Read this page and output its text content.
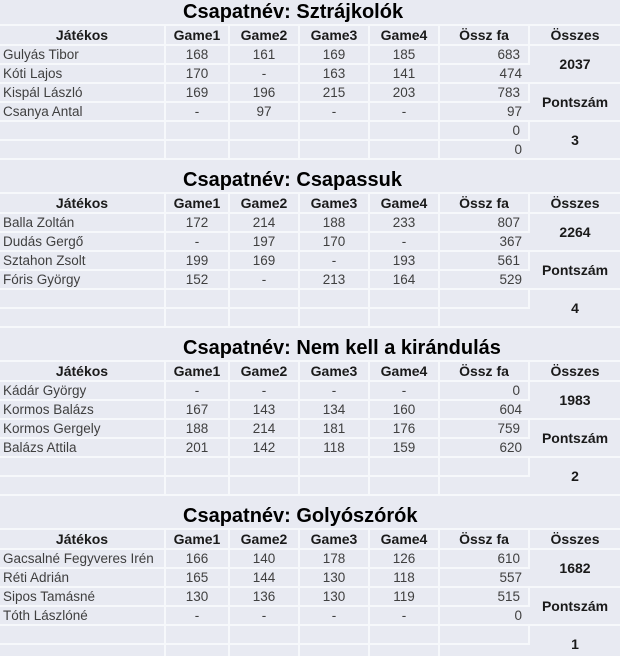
Csapatnév: Sztrájkolók
Játékos	Game1	Game2	Game3	Game4	Össz fa	Összes
Gulyás Tibor	168	161	169	185	683	2037
Kóti Lajos	170	-	163	141	474	
Kispál László	169	196	215	203	783	Pontszám
Csanya Antal	-	97	-	-	97	
					0	3
					0	
Csapatnév: Csapassuk
Játékos	Game1	Game2	Game3	Game4	Össz fa	Összes
Balla Zoltán	172	214	188	233	807	2264
Dudás Gergő	-	197	170	-	367	
Sztahon Zsolt	199	169	-	193	561	Pontszám
Fóris György	152	-	213	164	529	
						4

Csapatnév: Nem kell a kirándulás
Játékos	Game1	Game2	Game3	Game4	Össz fa	Összes
Kádár György	-	-	-	-	0	1983
Kormos Balázs	167	143	134	160	604	
Kormos Gergely	188	214	181	176	759	Pontszám
Balázs Attila	201	142	118	159	620	
						2

Csapatnév: Golyószórók
Játékos	Game1	Game2	Game3	Game4	Össz fa	Összes
Gacsalné Fegyveres Irén	166	140	178	126	610	1682
Réti Adrián	165	144	130	118	557	
Sipos Tamásné	130	136	130	119	515	Pontszám
Tóth Lászlóné	-	-	-	-	0	
						1
